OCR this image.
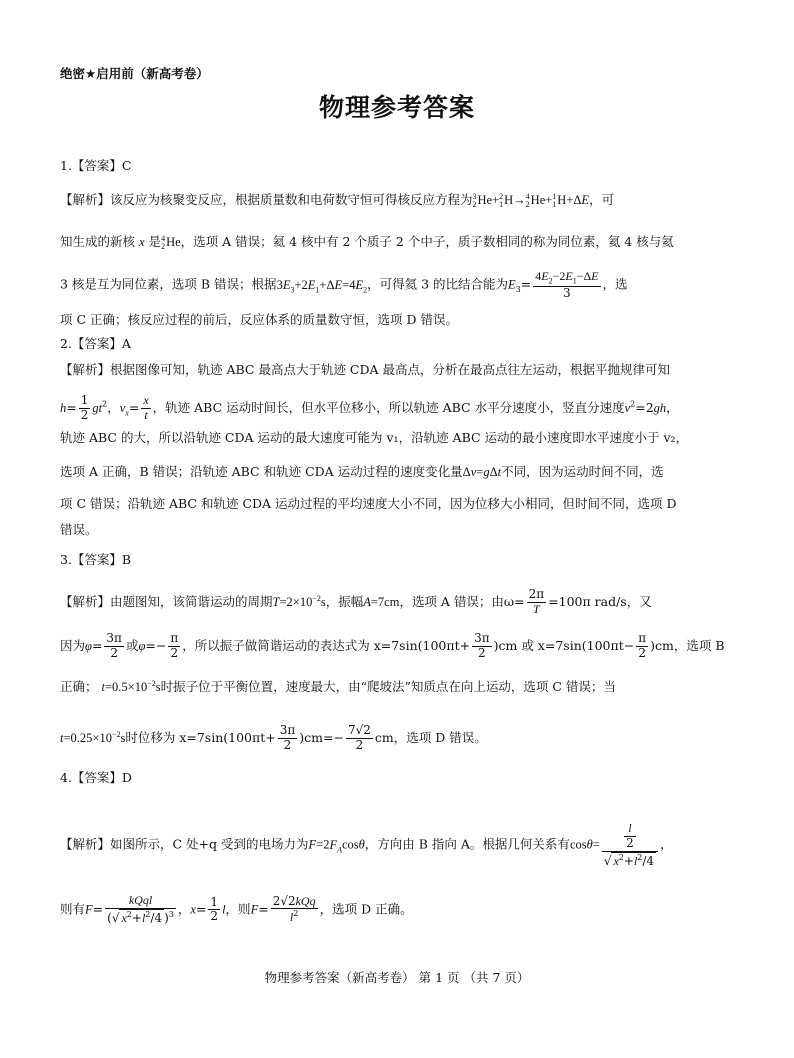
绝密★启用前（新高考卷）
物理参考答案
1.【答案】C
【解析】该反应为核聚变反应，根据质量数和电荷数守恒可得核反应方程为3
2He+2
1H→4
2He+1
1H+ΔE，可
知生成的新核 x 是4
2He，选项 A 错误；氦 4 核中有 2 个质子 2 个中子，质子数相同的称为同位素，氦 4 核与氦
3 核是互为同位素，选项 B 错误；根据$3E_3+2E_1+\Delta E=4E_2$，可得氦 3 的比结合能为$E_3= \frac{4E_2-2E_1-\Delta E}{3}$ ，选
项 C 正确；核反应过程的前后，反应体系的质量数守恒，选项 D 错误。
2.【答案】A
【解析】根据图像可知，轨迹 ABC 最高点大于轨迹 CDA 最高点，分析在最高点往左运动，根据平抛规律可知
$h= \frac{1}{2} gt^2$，$v_x= \frac{x}{t}$ ，轨迹 ABC 运动时间长，但水平位移小，所以轨迹 ABC 水平分速度小，竖直分速度$v^2=2gh$，
轨迹 ABC 的大，所以沿轨迹 CDA 运动的最大速度可能为 v₁，沿轨迹 ABC 运动的最小速度即水平速度小于 v₂，
选项 A 正确，B 错误；沿轨迹 ABC 和轨迹 CDA 运动过程的速度变化量Δv=gΔt不同，因为运动时间不同，选
项 C 错误；沿轨迹 ABC 和轨迹 CDA 运动过程的平均速度大小不同，因为位移大小相同，但时间不同，选项 D
错误。
3.【答案】B
【解析】由题图知，该简谐运动的周期$T=2\times 10^{-2}s$，振幅A=7cm，选项 A 错误；由$\omega= \frac{2\pi}{T} =100\pi$ rad/s，又
因为$\varphi= \frac{3\pi}{2}$ 或$\varphi=- \frac{\pi}{2}$ ，所以振子做简谐运动的表达式为 $x=7\sin(100\pi t+ \frac{3\pi}{2} )cm$ 或 $x=7\sin(100\pi t- \frac{\pi}{2} )cm$，选项 B
正确； $t=0.5\times 10^{-2}s$时振子位于平衡位置，速度最大，由“爬坡法”知质点在向上运动，选项 C 错误；当
$t=0.25\times 10^{-2}s$时位移为 $x=7\sin(100\pi t+ \frac{3\pi}{2} )cm=- \frac{7√2}{2}$ cm，选项 D 错误。
4.【答案】D
【解析】如图所示，C 处+q 受到的电场力为$F=2F_A\cos\theta$，方向由 B 指向 A。根据几何关系有$\cos\theta= \frac{\frac{l}{2}}{√ x^2+l^2/4}$ ，
则有$F= \frac{\text{kQql}}{(√ x^2+l^2/4 )^3}$ ，$x= \frac{1}{2}$ l，则$F= \frac{\text{2√2kQq}}{l^2}$ ，选项 D 正确。
物理参考答案（新高考卷） 第 1 页 （共 7 页）
